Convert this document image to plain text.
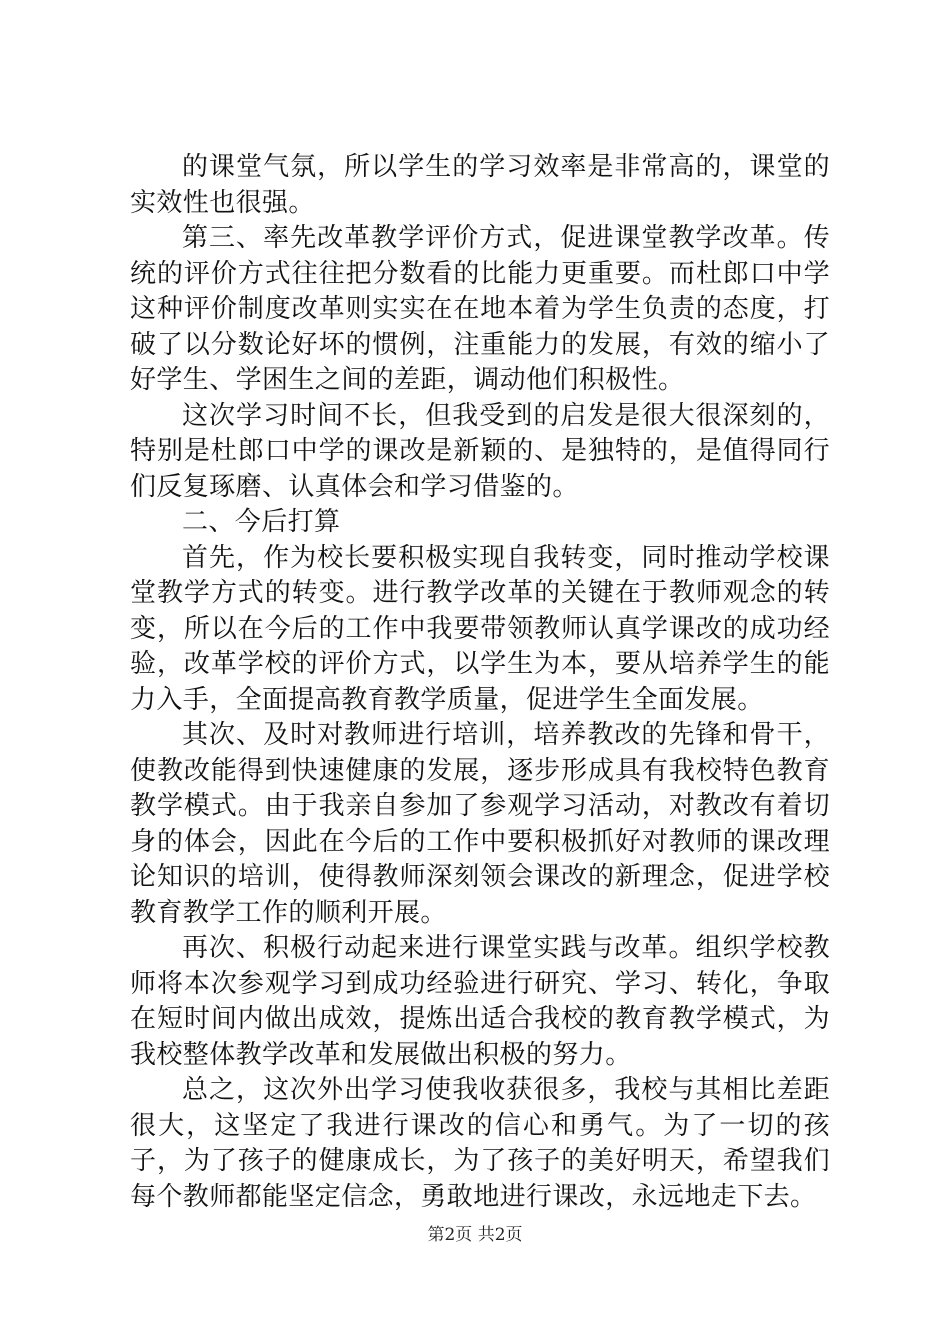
的课堂气氛，所以学生的学习效率是非常高的，课堂的实效性也很强。

第三、率先改革教学评价方式，促进课堂教学改革。传统的评价方式往往把分数看的比能力更重要。而杜郎口中学这种评价制度改革则实实在在地本着为学生负责的态度，打破了以分数论好坏的惯例，注重能力的发展，有效的缩小了好学生、学困生之间的差距，调动他们积极性。

这次学习时间不长，但我受到的启发是很大很深刻的，特别是杜郎口中学的课改是新颖的、是独特的，是值得同行们反复琢磨、认真体会和学习借鉴的。

二、今后打算

首先，作为校长要积极实现自我转变，同时推动学校课堂教学方式的转变。进行教学改革的关键在于教师观念的转变，所以在今后的工作中我要带领教师认真学课改的成功经验，改革学校的评价方式，以学生为本，要从培养学生的能力入手，全面提高教育教学质量，促进学生全面发展。

其次、及时对教师进行培训，培养教改的先锋和骨干，使教改能得到快速健康的发展，逐步形成具有我校特色教育教学模式。由于我亲自参加了参观学习活动，对教改有着切身的体会，因此在今后的工作中要积极抓好对教师的课改理论知识的培训，使得教师深刻领会课改的新理念，促进学校教育教学工作的顺利开展。

再次、积极行动起来进行课堂实践与改革。组织学校教师将本次参观学习到成功经验进行研究、学习、转化，争取在短时间内做出成效，提炼出适合我校的教育教学模式，为我校整体教学改革和发展做出积极的努力。

总之，这次外出学习使我收获很多，我校与其相比差距很大，这坚定了我进行课改的信心和勇气。为了一切的孩子，为了孩子的健康成长，为了孩子的美好明天，希望我们每个教师都能坚定信念，勇敢地进行课改，永远地走下去。

第2页 共2页
